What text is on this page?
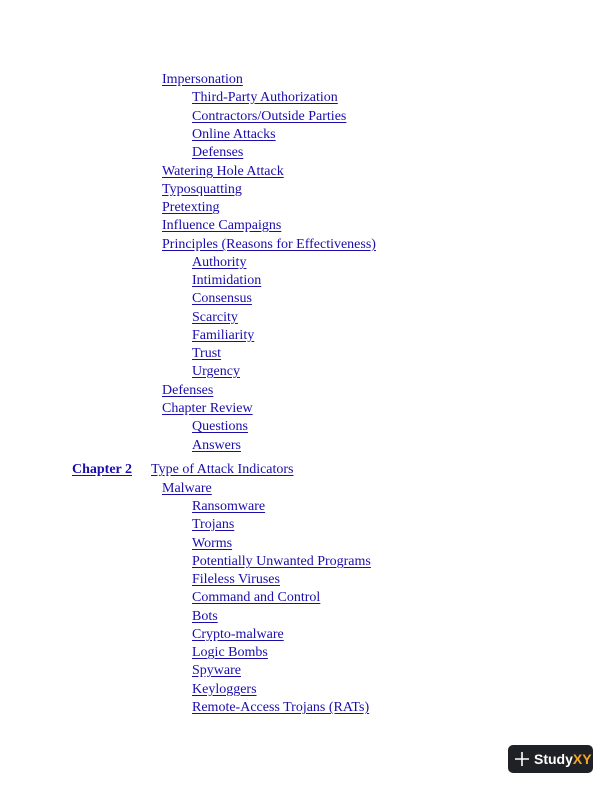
Impersonation
Third-Party Authorization
Contractors/Outside Parties
Online Attacks
Defenses
Watering Hole Attack
Typosquatting
Pretexting
Influence Campaigns
Principles (Reasons for Effectiveness)
Authority
Intimidation
Consensus
Scarcity
Familiarity
Trust
Urgency
Defenses
Chapter Review
Questions
Answers
Chapter 2 Type of Attack Indicators
Malware
Ransomware
Trojans
Worms
Potentially Unwanted Programs
Fileless Viruses
Command and Control
Bots
Crypto-malware
Logic Bombs
Spyware
Keyloggers
Remote-Access Trojans (RATs)
StudyXY
